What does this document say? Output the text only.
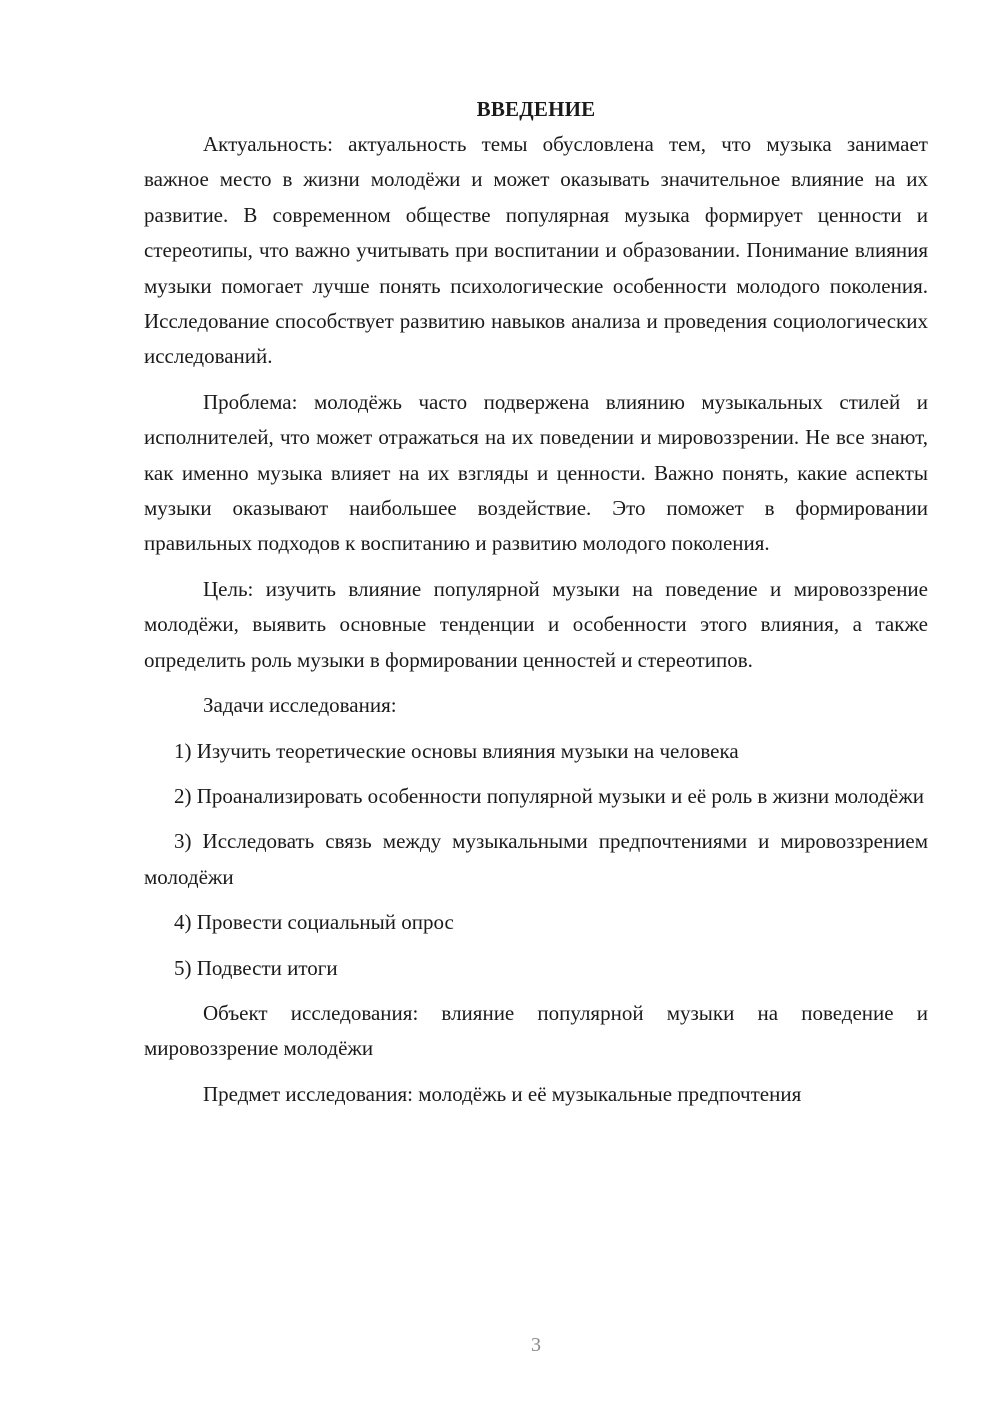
ВВЕДЕНИЕ

Актуальность: актуальность темы обусловлена тем, что музыка занимает важное место в жизни молодёжи и может оказывать значительное влияние на их развитие. В современном обществе популярная музыка формирует ценности и стереотипы, что важно учитывать при воспитании и образовании. Понимание влияния музыки помогает лучше понять психологические особенности молодого поколения. Исследование способствует развитию навыков анализа и проведения социологических исследований.

Проблема: молодёжь часто подвержена влиянию музыкальных стилей и исполнителей, что может отражаться на их поведении и мировоззрении. Не все знают, как именно музыка влияет на их взгляды и ценности. Важно понять, какие аспекты музыки оказывают наибольшее воздействие. Это поможет в формировании правильных подходов к воспитанию и развитию молодого поколения.

Цель: изучить влияние популярной музыки на поведение и мировоззрение молодёжи, выявить основные тенденции и особенности этого влияния, а также определить роль музыки в формировании ценностей и стереотипов.

Задачи исследования:

1) Изучить теоретические основы влияния музыки на человека

2) Проанализировать особенности популярной музыки и её роль в жизни молодёжи

3) Исследовать связь между музыкальными предпочтениями и мировоззрением молодёжи

4) Провести социальный опрос

5) Подвести итоги

Объект исследования: влияние популярной музыки на поведение и мировоззрение молодёжи

Предмет исследования: молодёжь и её музыкальные предпочтения

3
